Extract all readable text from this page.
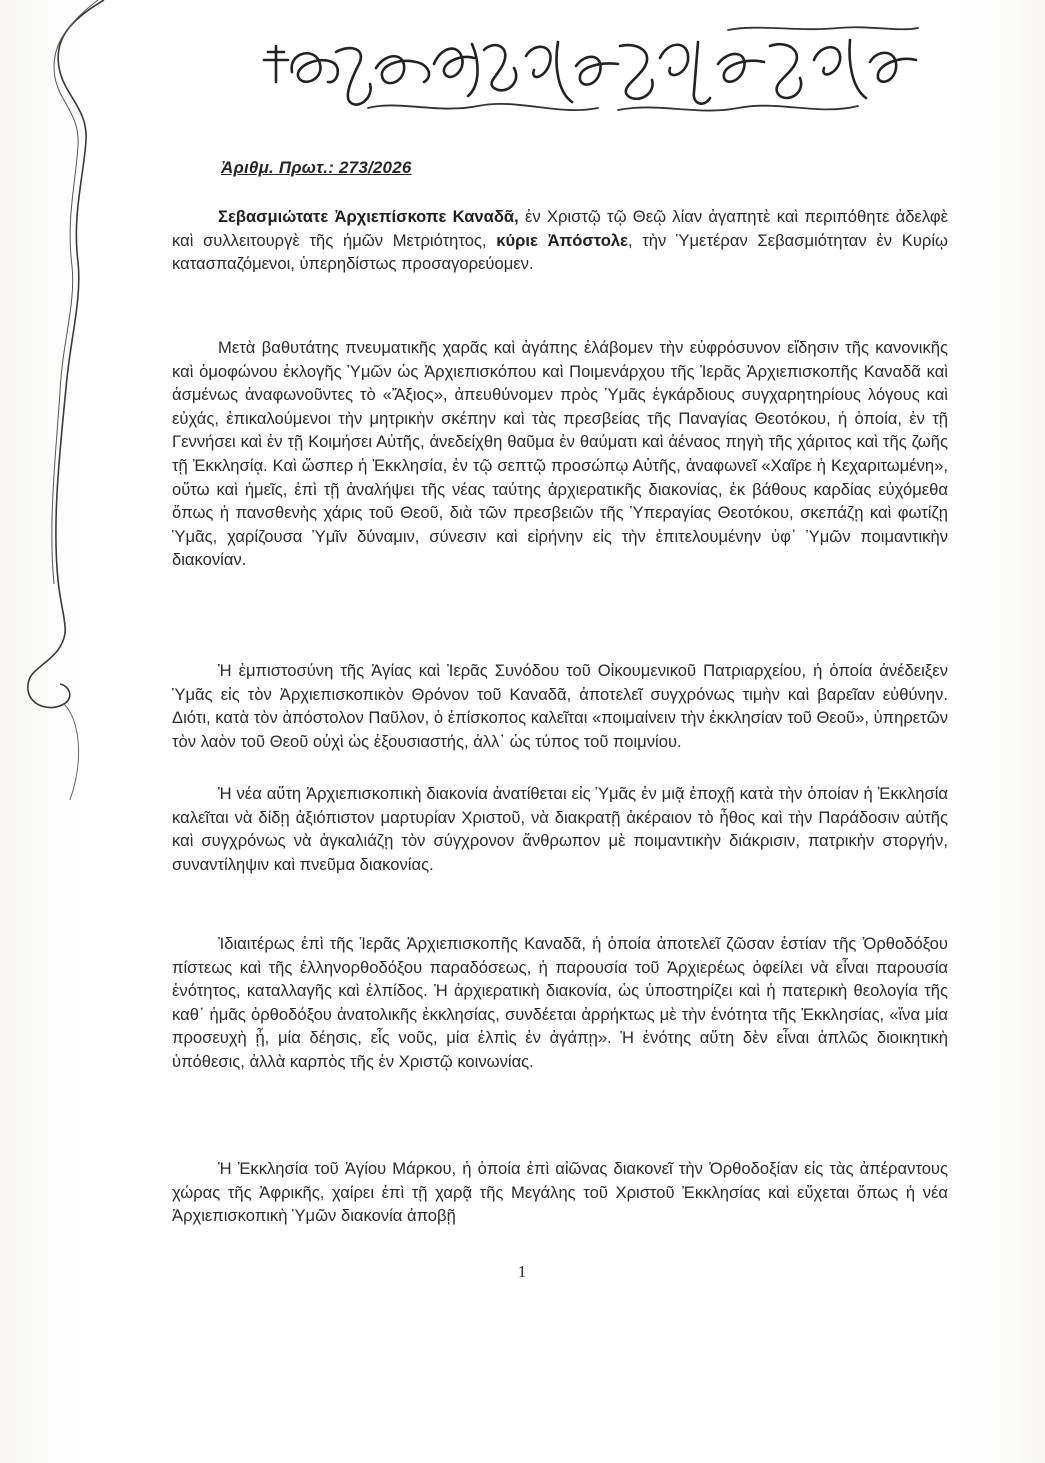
Ἀριθμ. Πρωτ.: 273/2026

Σεβασμιώτατε Ἀρχιεπίσκοπε Καναδᾶ, ἐν Χριστῷ τῷ Θεῷ λίαν ἀγαπητὲ καὶ περιπόθητε ἀδελφὲ καὶ συλλειτουργὲ τῆς ἡμῶν Μετριότητος, κύριε Ἀπόστολε, τὴν Ὑμετέραν Σεβασμιότηταν ἐν Κυρίῳ κατασπαζόμενοι, ὑπερηδίστως προσαγορεύομεν.

Μετὰ βαθυτάτης πνευματικῆς χαρᾶς καὶ ἀγάπης ἐλάβομεν τὴν εὐφρόσυνον εἴδησιν τῆς κανονικῆς καὶ ὁμοφώνου ἐκλογῆς Ὑμῶν ὡς Ἀρχιεπισκόπου καὶ Ποιμενάρχου τῆς Ἱερᾶς Ἀρχιεπισκοπῆς Καναδᾶ καὶ ἀσμένως ἀναφωνοῦντες τὸ «Ἄξιος», ἀπευθύνομεν πρὸς Ὑμᾶς ἐγκάρδιους συγχαρητηρίους λόγους καὶ εὐχάς, ἐπικαλούμενοι τὴν μητρικὴν σκέπην καὶ τὰς πρεσβείας τῆς Παναγίας Θεοτόκου, ἡ ὁποία, ἐν τῇ Γεννήσει καὶ ἐν τῇ Κοιμήσει Αὐτῆς, ἀνεδείχθη θαῦμα ἐν θαύματι καὶ ἀέναος πηγὴ τῆς χάριτος καὶ τῆς ζωῆς τῇ Ἐκκλησίᾳ. Καὶ ὥσπερ ἡ Ἐκκλησία, ἐν τῷ σεπτῷ προσώπῳ Αὐτῆς, ἀναφωνεῖ «Χαῖρε ἡ Κεχαριτωμένη», οὕτω καὶ ἡμεῖς, ἐπὶ τῇ ἀναλήψει τῆς νέας ταύτης ἀρχιερατικῆς διακονίας, ἐκ βάθους καρδίας εὐχόμεθα ὅπως ἡ πανσθενὴς χάρις τοῦ Θεοῦ, διὰ τῶν πρεσβειῶν τῆς Ὑπεραγίας Θεοτόκου, σκεπάζῃ καὶ φωτίζῃ Ὑμᾶς, χαρίζουσα Ὑμῖν δύναμιν, σύνεσιν καὶ εἰρήνην εἰς τὴν ἐπιτελουμένην ὑφ᾽ Ὑμῶν ποιμαντικὴν διακονίαν.

Ἡ ἐμπιστοσύνη τῆς Ἁγίας καὶ Ἱερᾶς Συνόδου τοῦ Οἰκουμενικοῦ Πατριαρχείου, ἡ ὁποία ἀνέδειξεν Ὑμᾶς εἰς τὸν Ἀρχιεπισκοπικὸν Θρόνον τοῦ Καναδᾶ, ἀποτελεῖ συγχρόνως τιμὴν καὶ βαρεῖαν εὐθύνην. Διότι, κατὰ τὸν ἀπόστολον Παῦλον, ὁ ἐπίσκοπος καλεῖται «ποιμαίνειν τὴν ἐκκλησίαν τοῦ Θεοῦ», ὑπηρετῶν τὸν λαὸν τοῦ Θεοῦ οὐχὶ ὡς ἐξουσιαστής, ἀλλ᾽ ὡς τύπος τοῦ ποιμνίου.

Ἡ νέα αὕτη Ἀρχιεπισκοπικὴ διακονία ἀνατίθεται εἰς Ὑμᾶς ἐν μιᾷ ἐποχῇ κατὰ τὴν ὁποίαν ἡ Ἐκκλησία καλεῖται νὰ δίδῃ ἀξιόπιστον μαρτυρίαν Χριστοῦ, νὰ διακρατῇ ἀκέραιον τὸ ἦθος καὶ τὴν Παράδοσιν αὐτῆς καὶ συγχρόνως νὰ ἀγκαλιάζῃ τὸν σύγχρονον ἄνθρωπον μὲ ποιμαντικὴν διάκρισιν, πατρικὴν στοργήν, συναντίληψιν καὶ πνεῦμα διακονίας.

Ἰδιαιτέρως ἐπὶ τῆς Ἱερᾶς Ἀρχιεπισκοπῆς Καναδᾶ, ἡ ὁποία ἀποτελεῖ ζῶσαν ἑστίαν τῆς Ὀρθοδόξου πίστεως καὶ τῆς ἑλληνορθοδόξου παραδόσεως, ἡ παρουσία τοῦ Ἀρχιερέως ὀφείλει νὰ εἶναι παρουσία ἑνότητος, καταλλαγῆς καὶ ἐλπίδος. Ἡ ἀρχιερατικὴ διακονία, ὡς ὑποστηρίζει καὶ ἡ πατερικὴ θεολογία τῆς καθ᾽ ἡμᾶς ὀρθοδόξου ἀνατολικῆς ἐκκλησίας, συνδέεται ἀρρήκτως μὲ τὴν ἑνότητα τῆς Ἐκκλησίας, «ἵνα μία προσευχὴ ᾖ, μία δέησις, εἷς νοῦς, μία ἐλπὶς ἐν ἀγάπῃ». Ἡ ἑνότης αὕτη δὲν εἶναι ἁπλῶς διοικητικὴ ὑπόθεσις, ἀλλὰ καρπὸς τῆς ἐν Χριστῷ κοινωνίας.

Ἡ Ἐκκλησία τοῦ Ἁγίου Μάρκου, ἡ ὁποία ἐπὶ αἰῶνας διακονεῖ τὴν Ὀρθοδοξίαν εἰς τὰς ἀπέραντους χώρας τῆς Ἀφρικῆς, χαίρει ἐπὶ τῇ χαρᾷ τῆς Μεγάλης τοῦ Χριστοῦ Ἐκκλησίας καὶ εὔχεται ὅπως ἡ νέα Ἀρχιεπισκοπικὴ Ὑμῶν διακονία ἀποβῇ

1
